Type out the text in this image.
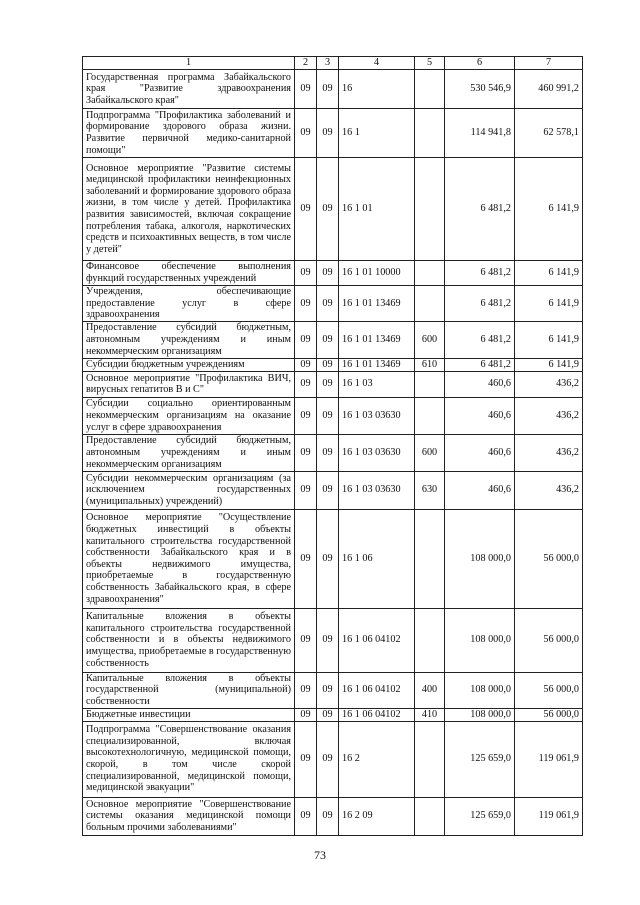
1	2	3	4	5	6	7
Государственная программа Забайкальского края "Развитие здравоохранения Забайкальского края"	09	09	16		530 546,9	460 991,2
Подпрограмма "Профилактика заболеваний и формирование здорового образа жизни. Развитие первичной медико-санитарной помощи"	09	09	16 1		114 941,8	62 578,1
Основное мероприятие "Развитие системы медицинской профилактики неинфекционных заболеваний и формирование здорового образа жизни, в том числе у детей. Профилактика развития зависимостей, включая сокращение потребления табака, алкоголя, наркотических средств и психоактивных веществ, в том числе у детей"	09	09	16 1 01		6 481,2	6 141,9
Финансовое обеспечение выполнения функций государственных учреждений	09	09	16 1 01 10000		6 481,2	6 141,9
Учреждения, обеспечивающие предоставление услуг в сфере здравоохранения	09	09	16 1 01 13469		6 481,2	6 141,9
Предоставление субсидий бюджетным, автономным учреждениям и иным некоммерческим организациям	09	09	16 1 01 13469	600	6 481,2	6 141,9
Субсидии бюджетным учреждениям	09	09	16 1 01 13469	610	6 481,2	6 141,9
Основное мероприятие "Профилактика ВИЧ, вирусных гепатитов В и С"	09	09	16 1 03		460,6	436,2
Субсидии социально ориентированным некоммерческим организациям на оказание услуг в сфере здравоохранения	09	09	16 1 03 03630		460,6	436,2
Предоставление субсидий бюджетным, автономным учреждениям и иным некоммерческим организациям	09	09	16 1 03 03630	600	460,6	436,2
Субсидии некоммерческим организациям (за исключением государственных (муниципальных) учреждений)	09	09	16 1 03 03630	630	460,6	436,2
Основное мероприятие "Осуществление бюджетных инвестиций в объекты капитального строительства государственной собственности Забайкальского края и в объекты недвижимого имущества, приобретаемые в государственную собственность Забайкальского края, в сфере здравоохранения"	09	09	16 1 06		108 000,0	56 000,0
Капитальные вложения в объекты капитального строительства государственной собственности и в объекты недвижимого имущества, приобретаемые в государственную собственность	09	09	16 1 06 04102		108 000,0	56 000,0
Капитальные вложения в объекты государственной (муниципальной) собственности	09	09	16 1 06 04102	400	108 000,0	56 000,0
Бюджетные инвестиции	09	09	16 1 06 04102	410	108 000,0	56 000,0
Подпрограмма "Совершенствование оказания специализированной, включая высокотехнологичную, медицинской помощи, скорой, в том числе скорой специализированной, медицинской помощи, медицинской эвакуации"	09	09	16 2		125 659,0	119 061,9
Основное мероприятие "Совершенствование системы оказания медицинской помощи больным прочими заболеваниями"	09	09	16 2 09		125 659,0	119 061,9
73
